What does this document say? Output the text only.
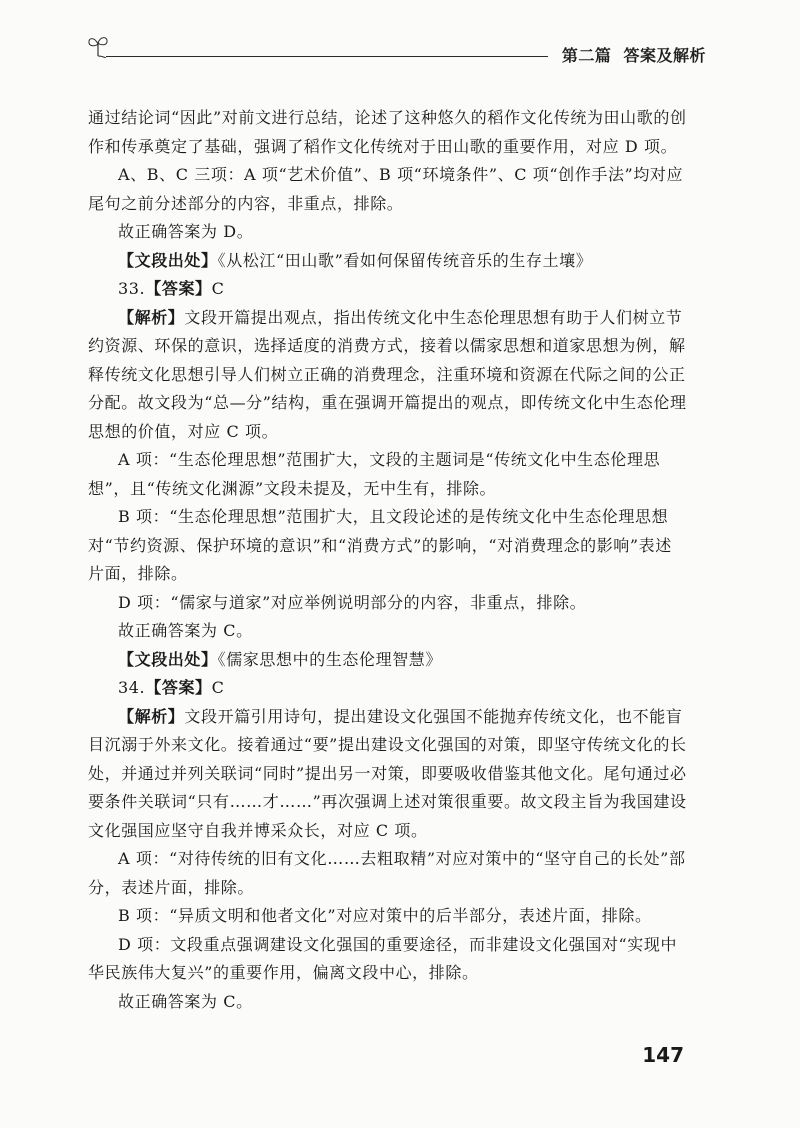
第二篇 答案及解析

通过结论词“因此”对前文进行总结，论述了这种悠久的稻作文化传统为田山歌的创作和传承奠定了基础，强调了稻作文化传统对于田山歌的重要作用，对应 D 项。

A、B、C 三项：A 项“艺术价值”、B 项“环境条件”、C 项“创作手法”均对应尾句之前分述部分的内容，非重点，排除。

故正确答案为 D。

【文段出处】《从松江“田山歌”看如何保留传统音乐的生存土壤》

33.【答案】C

【解析】文段开篇提出观点，指出传统文化中生态伦理思想有助于人们树立节约资源、环保的意识，选择适度的消费方式，接着以儒家思想和道家思想为例，解释传统文化思想引导人们树立正确的消费理念，注重环境和资源在代际之间的公正分配。故文段为“总—分”结构，重在强调开篇提出的观点，即传统文化中生态伦理思想的价值，对应 C 项。

A 项：“生态伦理思想”范围扩大，文段的主题词是“传统文化中生态伦理思想”，且“传统文化渊源”文段未提及，无中生有，排除。

B 项：“生态伦理思想”范围扩大，且文段论述的是传统文化中生态伦理思想对“节约资源、保护环境的意识”和“消费方式”的影响，“对消费理念的影响”表述片面，排除。

D 项：“儒家与道家”对应举例说明部分的内容，非重点，排除。

故正确答案为 C。

【文段出处】《儒家思想中的生态伦理智慧》

34.【答案】C

【解析】文段开篇引用诗句，提出建设文化强国不能抛弃传统文化，也不能盲目沉溺于外来文化。接着通过“要”提出建设文化强国的对策，即坚守传统文化的长处，并通过并列关联词“同时”提出另一对策，即要吸收借鉴其他文化。尾句通过必要条件关联词“只有……才……”再次强调上述对策很重要。故文段主旨为我国建设文化强国应坚守自我并博采众长，对应 C 项。

A 项：“对待传统的旧有文化……去粗取精”对应对策中的“坚守自己的长处”部分，表述片面，排除。

B 项：“异质文明和他者文化”对应对策中的后半部分，表述片面，排除。

D 项：文段重点强调建设文化强国的重要途径，而非建设文化强国对“实现中华民族伟大复兴”的重要作用，偏离文段中心，排除。

故正确答案为 C。

147
